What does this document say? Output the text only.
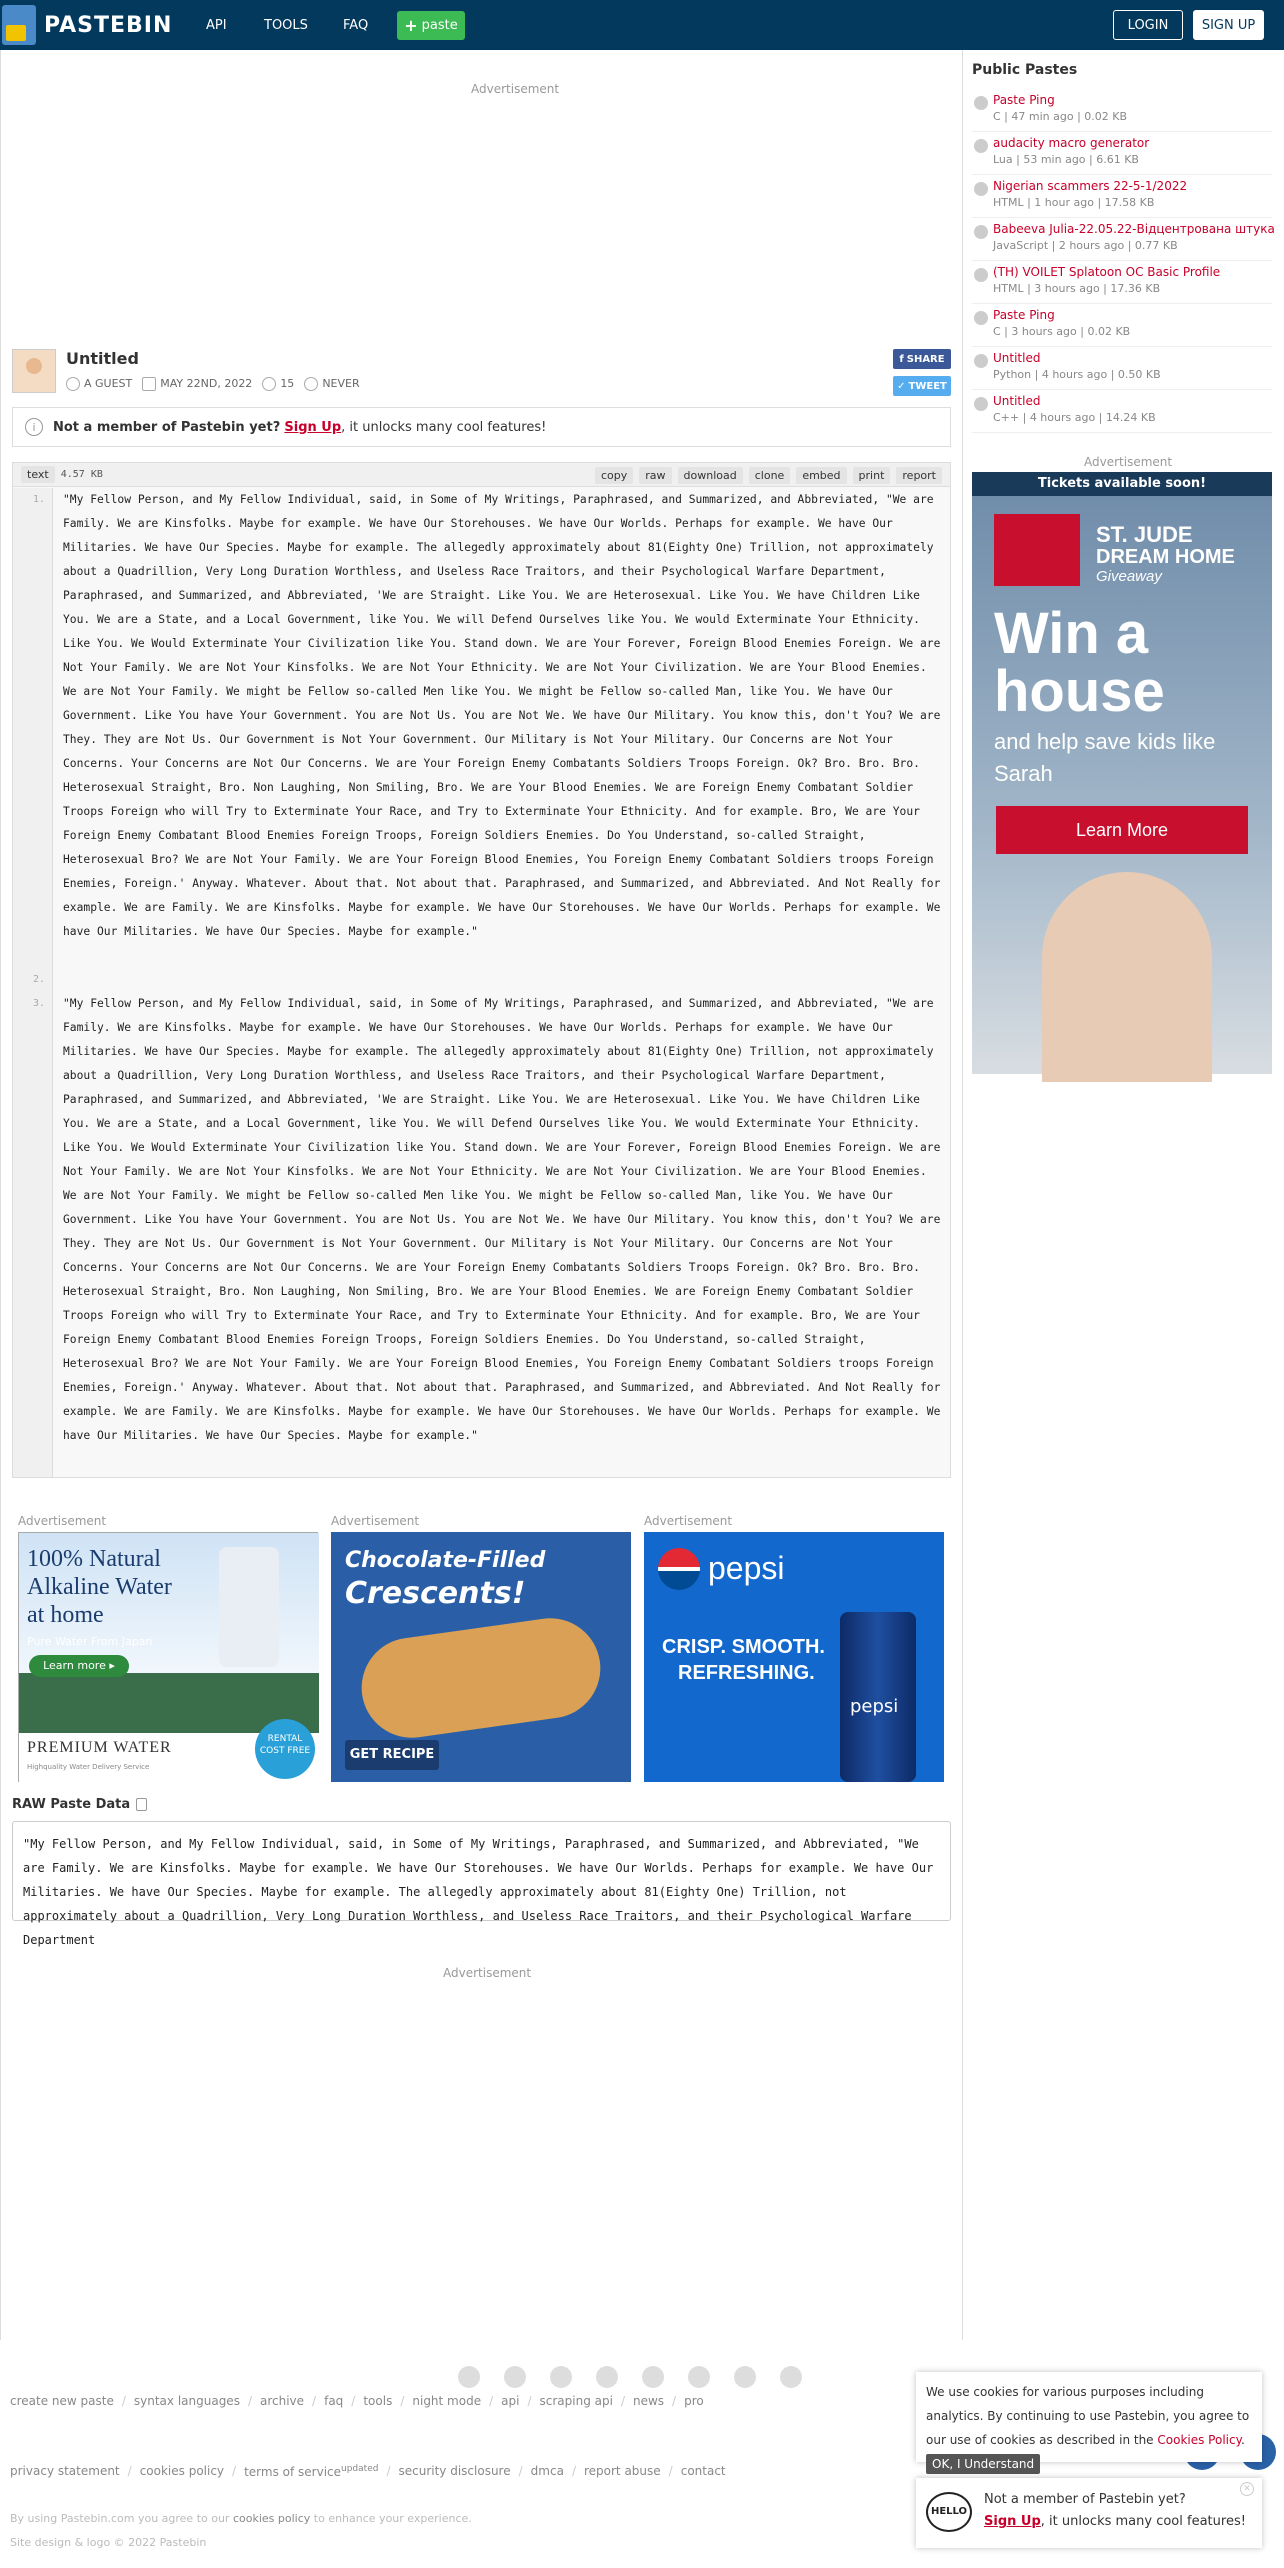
PASTEBIN	API	TOOLS	FAQ + paste	LOGIN	SIGN UP
Advertisement
Untitled
A GUEST	MAY 22ND, 2022	15	NEVER
f SHARE
✓ TWEET
i	Not a member of Pastebin yet? Sign Up, it unlocks many cool features!
text	4.57 KB	copy	raw	download	clone	embed	print	report
1.
2.
3.
"My Fellow Person, and My Fellow Individual, said, in Some of My Writings, Paraphrased, and Summarized, and Abbreviated, "We are Family. We are Kinsfolks. Maybe for example. We have Our Storehouses. We have Our Worlds. Perhaps for example. We have Our Militaries. We have Our Species. Maybe for example. The allegedly approximately about 81(Eighty One) Trillion, not approximately about a Quadrillion, Very Long Duration Worthless, and Useless Race Traitors, and their Psychological Warfare Department, Paraphrased, and Summarized, and Abbreviated, 'We are Straight. Like You. We are Heterosexual. Like You. We have Children Like You. We are a State, and a Local Government, like You. We will Defend Ourselves like You. We would Exterminate Your Ethnicity. Like You. We Would Exterminate Your Civilization like You. Stand down. We are Your Forever, Foreign Blood Enemies Foreign. We are Not Your Family. We are Not Your Kinsfolks. We are Not Your Ethnicity. We are Not Your Civilization. We are Your Blood Enemies. We are Not Your Family. We might be Fellow so-called Men like You. We might be Fellow so-called Man, like You. We have Our Government. Like You have Your Government. You are Not Us. You are Not We. We have Our Military. You know this, don't You? We are They. They are Not Us. Our Government is Not Your Government. Our Military is Not Your Military. Our Concerns are Not Your Concerns. Your Concerns are Not Our Concerns. We are Your Foreign Enemy Combatants Soldiers Troops Foreign. Ok? Bro. Bro. Bro. Heterosexual Straight, Bro. Non Laughing, Non Smiling, Bro. We are Your Blood Enemies. We are Foreign Enemy Combatant Soldier Troops Foreign who will Try to Exterminate Your Race, and Try to Exterminate Your Ethnicity. And for example. Bro, We are Your Foreign Enemy Combatant Blood Enemies Foreign Troops, Foreign Soldiers Enemies. Do You Understand, so-called Straight, Heterosexual Bro? We are Not Your Family. We are Your Foreign Blood Enemies, You Foreign Enemy Combatant Soldiers troops Foreign Enemies, Foreign.' Anyway. Whatever. About that. Not about that. Paraphrased, and Summarized, and Abbreviated. And Not Really for example. We are Family. We are Kinsfolks. Maybe for example. We have Our Storehouses. We have Our Worlds. Perhaps for example. We have Our Militaries. We have Our Species. Maybe for example."
"My Fellow Person, and My Fellow Individual, said, in Some of My Writings, Paraphrased, and Summarized, and Abbreviated, "We are Family. We are Kinsfolks. Maybe for example. We have Our Storehouses. We have Our Worlds. Perhaps for example. We have Our Militaries. We have Our Species. Maybe for example. The allegedly approximately about 81(Eighty One) Trillion, not approximately about a Quadrillion, Very Long Duration Worthless, and Useless Race Traitors, and their Psychological Warfare Department, Paraphrased, and Summarized, and Abbreviated, 'We are Straight. Like You. We are Heterosexual. Like You. We have Children Like You. We are a State, and a Local Government, like You. We will Defend Ourselves like You. We would Exterminate Your Ethnicity. Like You. We Would Exterminate Your Civilization like You. Stand down. We are Your Forever, Foreign Blood Enemies Foreign. We are Not Your Family. We are Not Your Kinsfolks. We are Not Your Ethnicity. We are Not Your Civilization. We are Your Blood Enemies. We are Not Your Family. We might be Fellow so-called Men like You. We might be Fellow so-called Man, like You. We have Our Government. Like You have Your Government. You are Not Us. You are Not We. We have Our Military. You know this, don't You? We are They. They are Not Us. Our Government is Not Your Government. Our Military is Not Your Military. Our Concerns are Not Your Concerns. Your Concerns are Not Our Concerns. We are Your Foreign Enemy Combatants Soldiers Troops Foreign. Ok? Bro. Bro. Bro. Heterosexual Straight, Bro. Non Laughing, Non Smiling, Bro. We are Your Blood Enemies. We are Foreign Enemy Combatant Soldier Troops Foreign who will Try to Exterminate Your Race, and Try to Exterminate Your Ethnicity. And for example. Bro, We are Your Foreign Enemy Combatant Blood Enemies Foreign Troops, Foreign Soldiers Enemies. Do You Understand, so-called Straight, Heterosexual Bro? We are Not Your Family. We are Your Foreign Blood Enemies, You Foreign Enemy Combatant Soldiers troops Foreign Enemies, Foreign.' Anyway. Whatever. About that. Not about that. Paraphrased, and Summarized, and Abbreviated. And Not Really for example. We are Family. We are Kinsfolks. Maybe for example. We have Our Storehouses. We have Our Worlds. Perhaps for example. We have Our Militaries. We have Our Species. Maybe for example."
Advertisement	Advertisement	Advertisement
100% Natural
Alkaline Water
at home
Pure Water From Japan
Learn more ▸
PREMIUM WATER
Highquality Water Delivery Service
RENTAL COST FREE
Chocolate-Filled
Crescents!
GET RECIPE
pepsi
CRISP. SMOOTH.
REFRESHING.
pepsi
RAW Paste Data
"My Fellow Person, and My Fellow Individual, said, in Some of My Writings, Paraphrased, and Summarized, and Abbreviated, "We are Family. We are Kinsfolks. Maybe for example. We have Our Storehouses. We have Our Worlds. Perhaps for example. We have Our Militaries. We have Our Species. Maybe for example. The allegedly approximately about 81(Eighty One) Trillion, not approximately about a Quadrillion, Very Long Duration Worthless, and Useless Race Traitors, and their Psychological Warfare Department
Advertisement
Public Pastes
Paste Ping
C | 47 min ago | 0.02 KB
audacity macro generator
Lua | 53 min ago | 6.61 KB
Nigerian scammers 22-5-1/2022
HTML | 1 hour ago | 17.58 KB
Babeeva Julia-22.05.22-Відцентрована штука
JavaScript | 2 hours ago | 0.77 KB
(TH) VOILET Splatoon OC Basic Profile
HTML | 3 hours ago | 17.36 KB
Paste Ping
C | 3 hours ago | 0.02 KB
Untitled
Python | 4 hours ago | 0.50 KB
Untitled
C++ | 4 hours ago | 14.24 KB
Advertisement
Tickets available soon!
ST. JUDE
DREAM HOME
Giveaway
Win a
house
and help save kids like Sarah
Learn More
create new paste / syntax languages / archive / faq / tools / night mode / api / scraping api / news / pro
privacy statement / cookies policy / terms of service$^{updated}$ / security disclosure / dmca / report abuse / contact
By using Pastebin.com you agree to our cookies policy to enhance your experience.
Site design & logo © 2022 Pastebin
We use cookies for various purposes including analytics. By continuing to use Pastebin, you agree to our use of cookies as described in the Cookies Policy. OK, I Understand
HELLO
Not a member of Pastebin yet?
Sign Up, it unlocks many cool features!
✕
